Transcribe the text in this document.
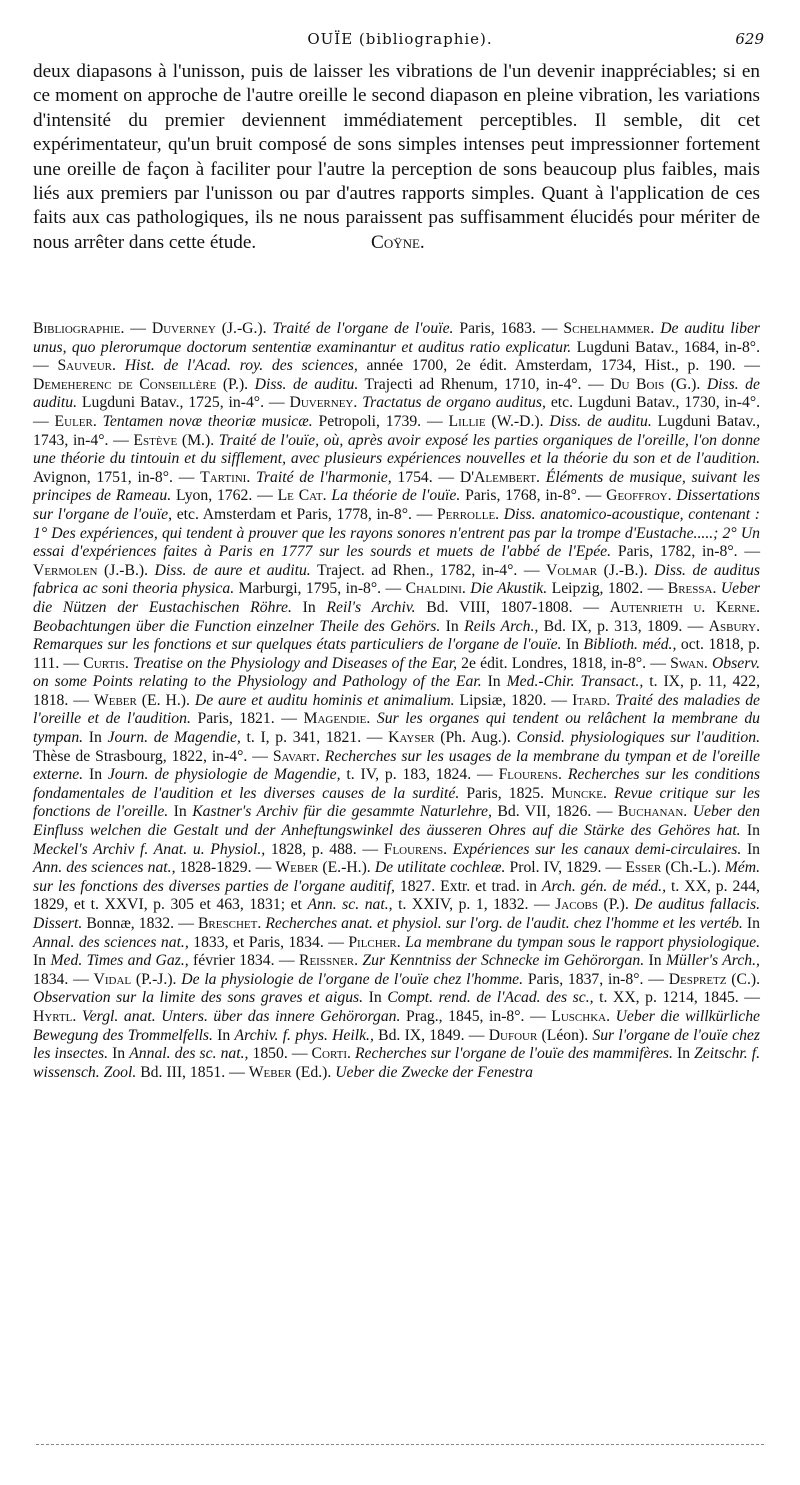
OUÏE (bibliographie).	629

deux diapasons à l'unisson, puis de laisser les vibrations de l'un devenir inappréciables; si en ce moment on approche de l'autre oreille le second diapason en pleine vibration, les variations d'intensité du premier deviennent immédiatement perceptibles. Il semble, dit cet expérimentateur, qu'un bruit composé de sons simples intenses peut impressionner fortement une oreille de façon à faciliter pour l'autre la perception de sons beaucoup plus faibles, mais liés aux premiers par l'unisson ou par d'autres rapports simples. Quant à l'application de ces faits aux cas pathologiques, ils ne nous paraissent pas suffisamment élucidés pour mériter de nous arrêter dans cette étude.	Coÿne.

Bibliographie. — Duverney (J.-G.). Traité de l'organe de l'ouïe. Paris, 1683. — Schelhammer. De auditu liber unus, quo plerorumque doctorum sententiæ examinantur et auditus ratio explicatur. Lugduni Batav., 1684, in-8°. — Sauveur. Hist. de l'Acad. roy. des sciences, année 1700, 2e édit. Amsterdam, 1734, Hist., p. 190. — Demeherenc de Conseillère (P.). Diss. de auditu. Trajecti ad Rhenum, 1710, in-4°. — Du Bois (G.). Diss. de auditu. Lugduni Batav., 1725, in-4°. — Duverney. Tractatus de organo auditus, etc. Lugduni Batav., 1730, in-4°. — Euler. Tentamen novæ theoriæ musicæ. Petropoli, 1739. — Lillie (W.-D.). Diss. de auditu. Lugduni Batav., 1743, in-4°. — Estève (M.). Traité de l'ouïe, où, après avoir exposé les parties organiques de l'oreille, l'on donne une théorie du tintouin et du sifflement, avec plusieurs expériences nouvelles et la théorie du son et de l'audition. Avignon, 1751, in-8°. — Tartini. Traité de l'harmonie, 1754. — D'Alembert. Éléments de musique, suivant les principes de Rameau. Lyon, 1762. — Le Cat. La théorie de l'ouïe. Paris, 1768, in-8°. — Geoffroy. Dissertations sur l'organe de l'ouïe, etc. Amsterdam et Paris, 1778, in-8°. — Perrolle. Diss. anatomico-acoustique, contenant : 1° Des expériences, qui tendent à prouver que les rayons sonores n'entrent pas par la trompe d'Eustache.....; 2° Un essai d'expériences faites à Paris en 1777 sur les sourds et muets de l'abbé de l'Epée. Paris, 1782, in-8°. — Vermolen (J.-B.). Diss. de aure et auditu. Traject. ad Rhen., 1782, in-4°. — Volmar (J.-B.). Diss. de auditus fabrica ac soni theoria physica. Marburgi, 1795, in-8°. — Chaldini. Die Akustik. Leipzig, 1802. — Bressa. Ueber die Nützen der Eustachischen Röhre. In Reil's Archiv. Bd. VIII, 1807-1808. — Autenrieth u. Kerne. Beobachtungen über die Function einzelner Theile des Gehörs. In Reils Arch., Bd. IX, p. 313, 1809. — Asbury. Remarques sur les fonctions et sur quelques états particuliers de l'organe de l'ouïe. In Biblioth. méd., oct. 1818, p. 111. — Curtis. Treatise on the Physiology and Diseases of the Ear, 2e édit. Londres, 1818, in-8°. — Swan. Observ. on some Points relating to the Physiology and Pathology of the Ear. In Med.-Chir. Transact., t. IX, p. 11, 422, 1818. — Weber (E. H.). De aure et auditu hominis et animalium. Lipsiæ, 1820. — Itard. Traité des maladies de l'oreille et de l'audition. Paris, 1821. — Magendie. Sur les organes qui tendent ou relâchent la membrane du tympan. In Journ. de Magendie, t. I, p. 341, 1821. — Kayser (Ph. Aug.). Consid. physiologiques sur l'audition. Thèse de Strasbourg, 1822, in-4°. — Savart. Recherches sur les usages de la membrane du tympan et de l'oreille externe. In Journ. de physiologie de Magendie, t. IV, p. 183, 1824. — Flourens. Recherches sur les conditions fondamentales de l'audition et les diverses causes de la surdité. Paris, 1825. Muncke. Revue critique sur les fonctions de l'oreille. In Kastner's Archiv für die gesammte Naturlehre, Bd. VII, 1826. — Buchanan. Ueber den Einfluss welchen die Gestalt und der Anheftungswinkel des äusseren Ohres auf die Stärke des Gehöres hat. In Meckel's Archiv f. Anat. u. Physiol., 1828, p. 488. — Flourens. Expériences sur les canaux demi-circulaires. In Ann. des sciences nat., 1828-1829. — Weber (E.-H.). De utilitate cochleæ. Prol. IV, 1829. — Esser (Ch.-L.). Mém. sur les fonctions des diverses parties de l'organe auditif, 1827. Extr. et trad. in Arch. gén. de méd., t. XX, p. 244, 1829, et t. XXVI, p. 305 et 463, 1831; et Ann. sc. nat., t. XXIV, p. 1, 1832. — Jacobs (P.). De auditus fallacis. Dissert. Bonnæ, 1832. — Breschet. Recherches anat. et physiol. sur l'org. de l'audit. chez l'homme et les vertéb. In Annal. des sciences nat., 1833, et Paris, 1834. — Pilcher. La membrane du tympan sous le rapport physiologique. In Med. Times and Gaz., février 1834. — Reissner. Zur Kenntniss der Schnecke im Gehörorgan. In Müller's Arch., 1834. — Vidal (P.-J.). De la physiologie de l'organe de l'ouïe chez l'homme. Paris, 1837, in-8°. — Despretz (C.). Observation sur la limite des sons graves et aigus. In Compt. rend. de l'Acad. des sc., t. XX, p. 1214, 1845. — Hyrtl. Vergl. anat. Unters. über das innere Gehörorgan. Prag., 1845, in-8°. — Luschka. Ueber die willkürliche Bewegung des Trommelfells. In Archiv. f. phys. Heilk., Bd. IX, 1849. — Dufour (Léon). Sur l'organe de l'ouïe chez les insectes. In Annal. des sc. nat., 1850. — Corti. Recherches sur l'organe de l'ouïe des mammifères. In Zeitschr. f. wissensch. Zool. Bd. III, 1851. — Weber (Ed.). Ueber die Zwecke der Fenestra
